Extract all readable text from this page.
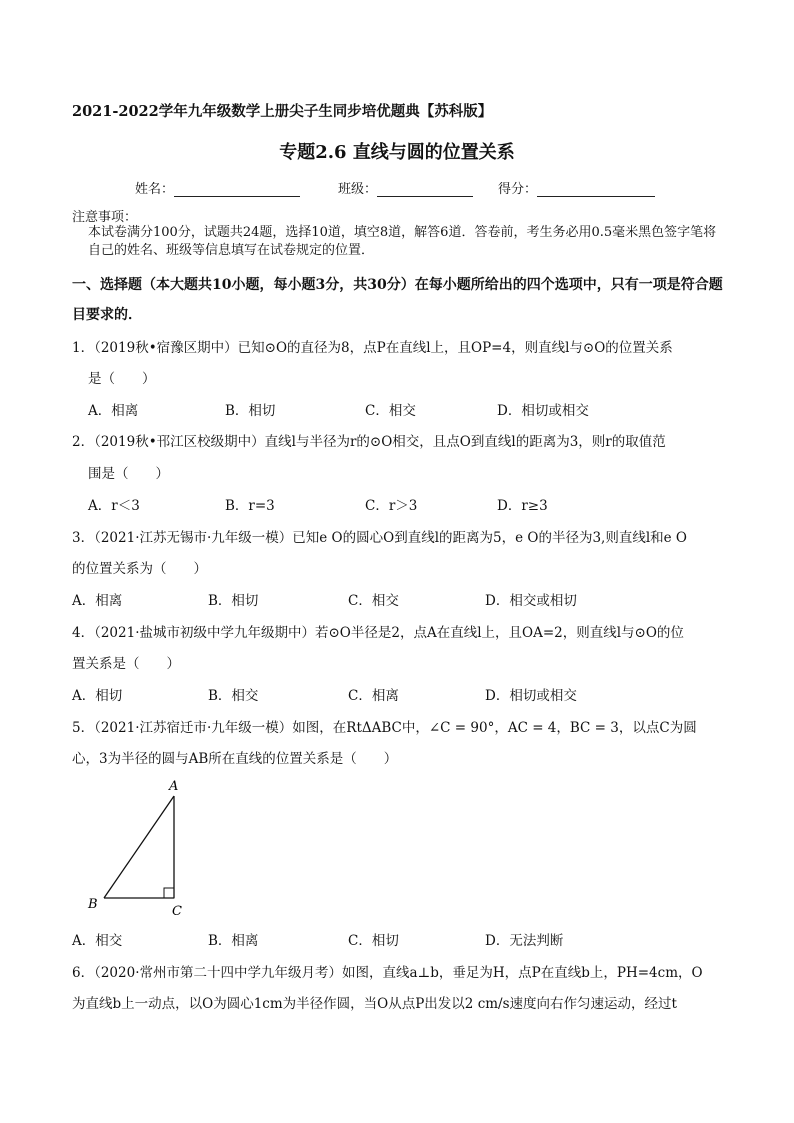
2021-2022学年九年级数学上册尖子生同步培优题典【苏科版】
专题2.6 直线与圆的位置关系
姓名：	班级：	得分：
注意事项：
本试卷满分100分，试题共24题，选择10道，填空8道，解答6道．答卷前，考生务必用0.5毫米黑色签字笔将自己的姓名、班级等信息填写在试卷规定的位置．
一、选择题（本大题共10小题，每小题3分，共30分）在每小题所给出的四个选项中，只有一项是符合题目要求的．
1．（2019秋•宿豫区期中）已知⊙O的直径为8，点P在直线l上，且OP=4，则直线l与⊙O的位置关系
是（　　）
A．相离	B．相切	C．相交	D．相切或相交
2．（2019秋•邗江区校级期中）直线l与半径为r的⊙O相交，且点O到直线l的距离为3，则r的取值范
围是（　　）
A．r＜3	B．r=3	C．r＞3	D．r≥3
3．（2021·江苏无锡市·九年级一模）已知e O的圆心O到直线l的距离为5，e O的半径为3,则直线l和e O
的位置关系为（　　）
A．相离	B．相切	C．相交	D．相交或相切
4．（2021·盐城市初级中学九年级期中）若⊙O半径是2，点A在直线l上，且OA=2，则直线l与⊙O的位
置关系是（　　）
A．相切	B．相交	C．相离	D．相切或相交
5．（2021·江苏宿迁市·九年级一模）如图，在RtΔABC中，∠C = 90°，AC = 4，BC = 3，以点C为圆
心，3为半径的圆与AB所在直线的位置关系是（　　）
A
B	C
A．相交	B．相离	C．相切	D．无法判断
6．（2020·常州市第二十四中学九年级月考）如图，直线a⊥b，垂足为H，点P在直线b上，PH=4cm，O
为直线b上一动点，以O为圆心1cm为半径作圆，当O从点P出发以2 cm/s速度向右作匀速运动，经过t
